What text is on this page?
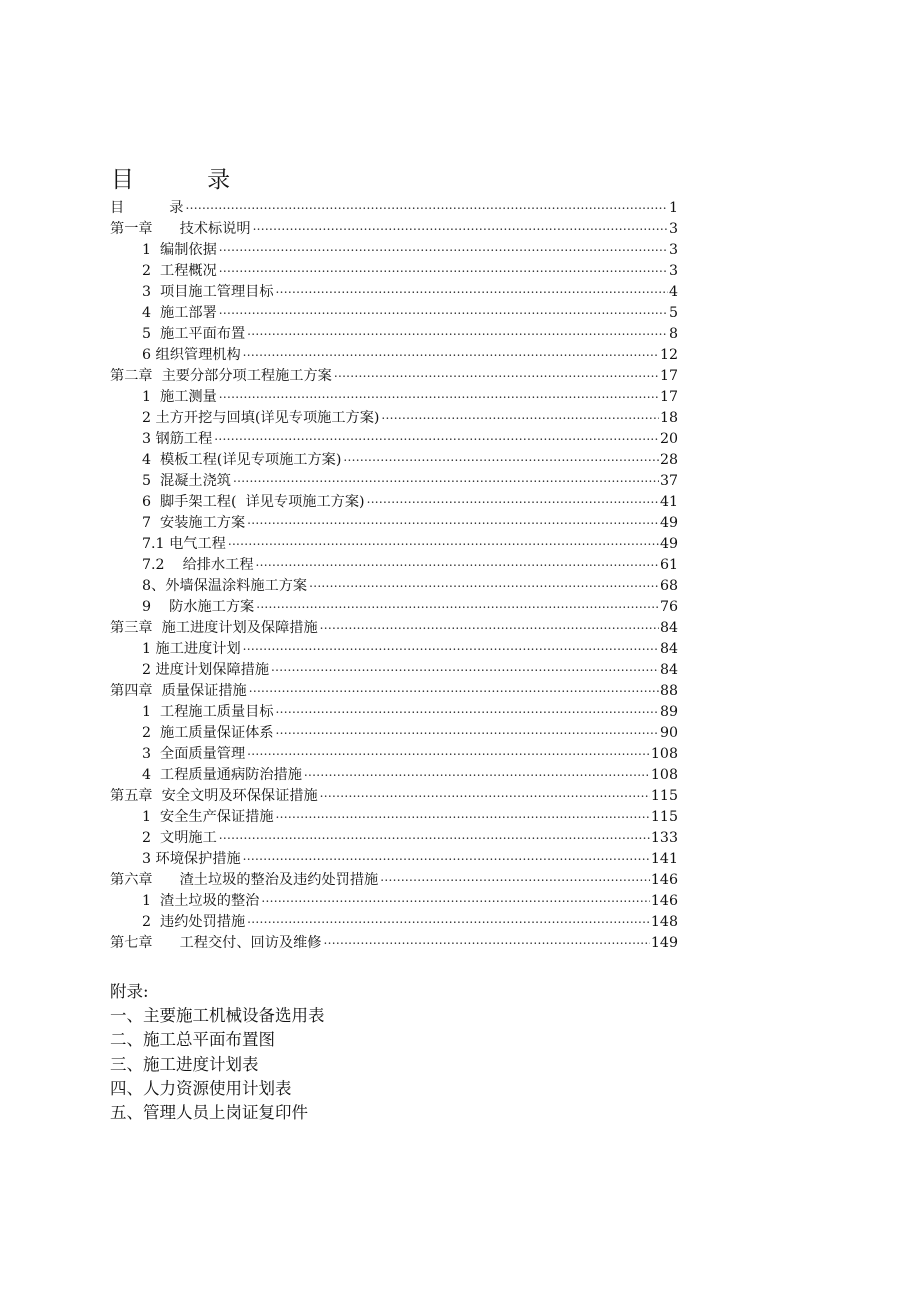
目          录
目          录 .....	1
第一章      技术标说明 .....	3
1  编制依据 .....	3
2  工程概况 .....	3
3  项目施工管理目标 .....	4
4  施工部署 .....	5
5  施工平面布置 .....	8
6 组织管理机构 .....	12
第二章  主要分部分项工程施工方案 .....	17
1  施工测量 .....	17
2 土方开挖与回填(详见专项施工方案) .....	18
3 钢筋工程 .....	20
4  模板工程(详见专项施工方案) .....	28
5  混凝土浇筑 .....	37
6  脚手架工程(  详见专项施工方案) .....	41
7  安装施工方案 .....	49
7.1 电气工程 .....	49
7.2    给排水工程 .....	61
8、外墙保温涂料施工方案 .....	68
9    防水施工方案 .....	76
第三章  施工进度计划及保障措施 .....	84
1 施工进度计划 .....	84
2 进度计划保障措施 .....	84
第四章  质量保证措施 .....	88
1  工程施工质量目标 .....	89
2  施工质量保证体系 .....	90
3  全面质量管理 .....	108
4  工程质量通病防治措施 .....	108
第五章  安全文明及环保保证措施 .....	115
1  安全生产保证措施 .....	115
2  文明施工 .....	133
3 环境保护措施 .....	141
第六章      渣土垃圾的整治及违约处罚措施 .....	146
1  渣土垃圾的整治 .....	146
2  违约处罚措施 .....	148
第七章      工程交付、回访及维修 .....	149
附录:
一、主要施工机械设备选用表
二、施工总平面布置图
三、施工进度计划表
四、人力资源使用计划表
五、管理人员上岗证复印件
